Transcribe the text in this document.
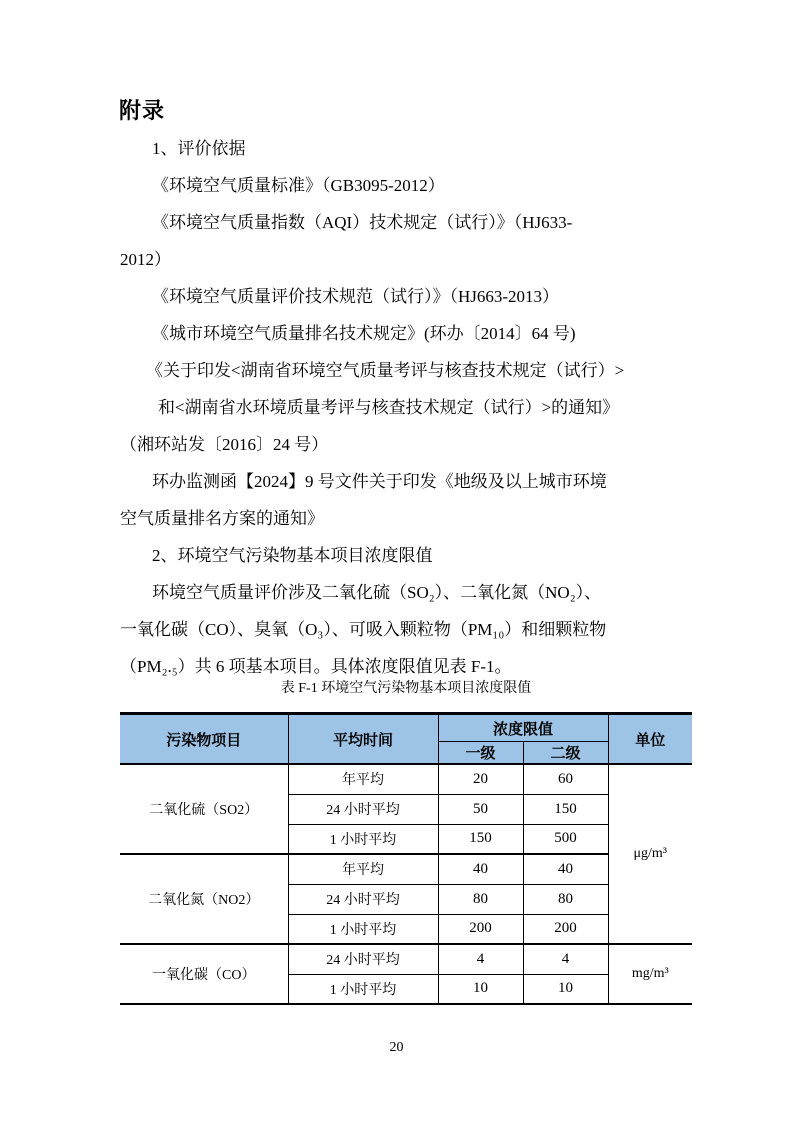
附录
1、评价依据
《环境空气质量标准》（GB3095-2012）
《环境空气质量指数（AQI）技术规定（试行）》（HJ633-
2012）
《环境空气质量评价技术规范（试行）》（HJ663-2013）
《城市环境空气质量排名技术规定》(环办〔2014〕64 号)
《关于印发<湖南省环境空气质量考评与核查技术规定（试行）>
和<湖南省水环境质量考评与核查技术规定（试行）>的通知》
（湘环站发〔2016〕24 号）
环办监测函【2024】9 号文件关于印发《地级及以上城市环境
空气质量排名方案的通知》
2、环境空气污染物基本项目浓度限值
环境空气质量评价涉及二氧化硫（SO₂）、二氧化氮（NO₂）、
一氧化碳（CO）、臭氧（O₃）、可吸入颗粒物（PM₁₀）和细颗粒物
（PM₂.₅）共 6 项基本项目。具体浓度限值见表 F-1。
表 F-1 环境空气污染物基本项目浓度限值
污染物项目	平均时间	浓度限值		单位
		一级	二级	
二氧化硫（SO2）	年平均	20	60	μg/m³
	24 小时平均	50	150	
	1 小时平均	150	500	
二氧化氮（NO2）	年平均	40	40	
	24 小时平均	80	80	
	1 小时平均	200	200	
一氧化碳（CO）	24 小时平均	4	4	mg/m³
	1 小时平均	10	10	
20
